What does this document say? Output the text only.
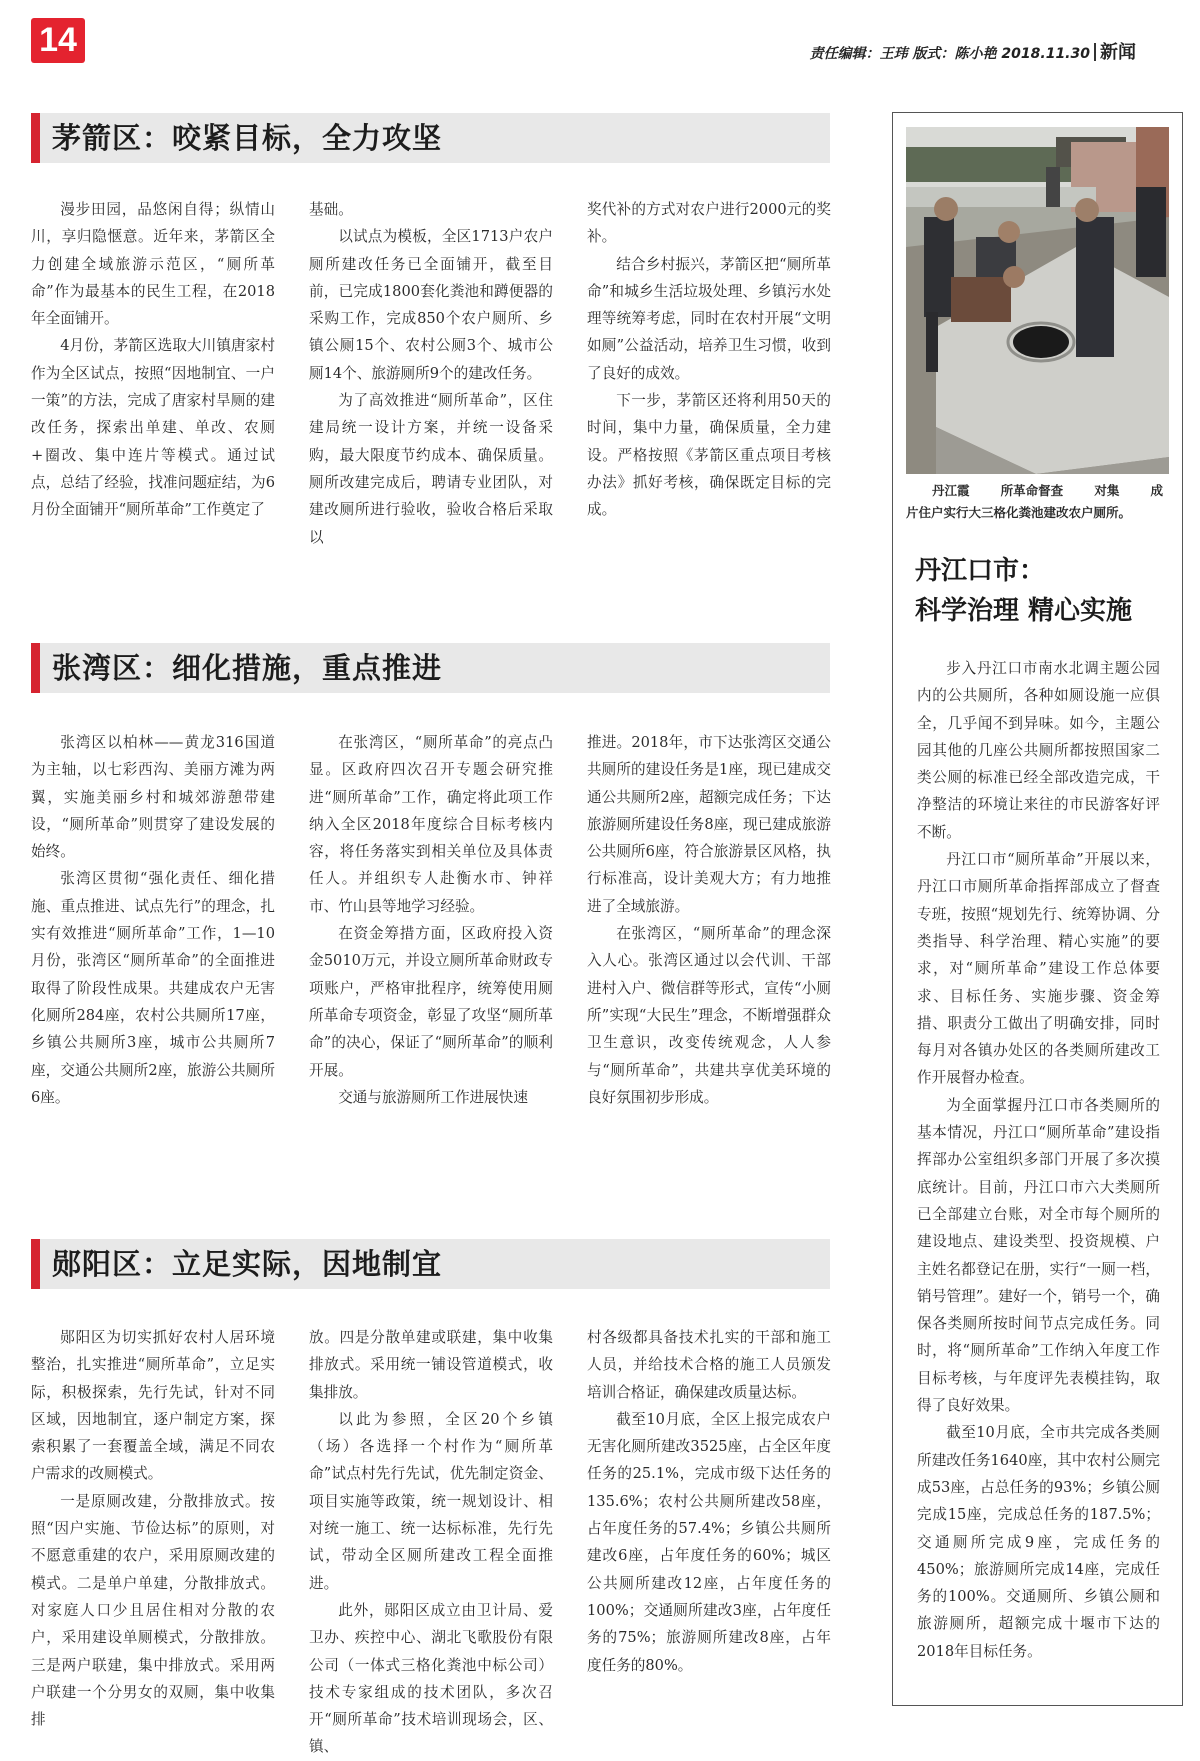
14	责任编辑：王玮 版式：陈小艳 2018.11.30 新闻
茅箭区：咬紧目标，全力攻坚

漫步田园，品悠闲自得；纵情山川，享归隐惬意。近年来，茅箭区全力创建全域旅游示范区，“厕所革命”作为最基本的民生工程，在2018年全面铺开。

4月份，茅箭区选取大川镇唐家村作为全区试点，按照“因地制宜、一户一策”的方法，完成了唐家村旱厕的建改任务，探索出单建、单改、农厕+圈改、集中连片等模式。通过试点，总结了经验，找准问题症结，为6月份全面铺开“厕所革命”工作奠定了

基础。

以试点为模板，全区1713户农户厕所建改任务已全面铺开，截至目前，已完成1800套化粪池和蹲便器的采购工作，完成850个农户厕所、乡镇公厕15个、农村公厕3个、城市公厕14个、旅游厕所9个的建改任务。

为了高效推进“厕所革命”，区住建局统一设计方案，并统一设备采购，最大限度节约成本、确保质量。厕所改建完成后，聘请专业团队，对建改厕所进行验收，验收合格后采取以

奖代补的方式对农户进行2000元的奖补。

结合乡村振兴，茅箭区把“厕所革命”和城乡生活垃圾处理、乡镇污水处理等统筹考虑，同时在农村开展“文明如厕”公益活动，培养卫生习惯，收到了良好的成效。

下一步，茅箭区还将利用50天的时间，集中力量，确保质量，全力建设。严格按照《茅箭区重点项目考核办法》抓好考核，确保既定目标的完成。

张湾区：细化措施，重点推进

张湾区以柏林——黄龙316国道为主轴，以七彩西沟、美丽方滩为两翼，实施美丽乡村和城郊游憩带建设，“厕所革命”则贯穿了建设发展的始终。

张湾区贯彻“强化责任、细化措施、重点推进、试点先行”的理念，扎实有效推进“厕所革命”工作，1—10月份，张湾区“厕所革命”的全面推进取得了阶段性成果。共建成农户无害化厕所284座，农村公共厕所17座，乡镇公共厕所3座，城市公共厕所7座，交通公共厕所2座，旅游公共厕所6座。

在张湾区，“厕所革命”的亮点凸显。区政府四次召开专题会研究推进“厕所革命”工作，确定将此项工作纳入全区2018年度综合目标考核内容，将任务落实到相关单位及具体责任人。并组织专人赴衡水市、钟祥市、竹山县等地学习经验。

在资金筹措方面，区政府投入资金5010万元，并设立厕所革命财政专项账户，严格审批程序，统筹使用厕所革命专项资金，彰显了攻坚“厕所革命”的决心，保证了“厕所革命”的顺利开展。

交通与旅游厕所工作进展快速

推进。2018年，市下达张湾区交通公共厕所的建设任务是1座，现已建成交通公共厕所2座，超额完成任务；下达旅游厕所建设任务8座，现已建成旅游公共厕所6座，符合旅游景区风格，执行标准高，设计美观大方；有力地推进了全域旅游。

在张湾区，“厕所革命”的理念深入人心。张湾区通过以会代训、干部进村入户、微信群等形式，宣传“小厕所”实现“大民生”理念，不断增强群众卫生意识，改变传统观念，人人参与“厕所革命”，共建共享优美环境的良好氛围初步形成。

郧阳区：立足实际，因地制宜

郧阳区为切实抓好农村人居环境整治，扎实推进“厕所革命”，立足实际，积极探索，先行先试，针对不同区域，因地制宜，逐户制定方案，探索积累了一套覆盖全域，满足不同农户需求的改厕模式。

一是原厕改建，分散排放式。按照“因户实施、节俭达标”的原则，对不愿意重建的农户，采用原厕改建的模式。二是单户单建，分散排放式。对家庭人口少且居住相对分散的农户，采用建设单厕模式，分散排放。三是两户联建，集中排放式。采用两户联建一个分男女的双厕，集中收集排

放。四是分散单建或联建，集中收集排放式。采用统一铺设管道模式，收集排放。

以此为参照，全区20个乡镇（场）各选择一个村作为“厕所革命”试点村先行先试，优先制定资金、项目实施等政策，统一规划设计、相对统一施工、统一达标标准，先行先试，带动全区厕所建改工程全面推进。

此外，郧阳区成立由卫计局、爱卫办、疾控中心、湖北飞歌股份有限公司（一体式三格化粪池中标公司）技术专家组成的技术团队，多次召开“厕所革命”技术培训现场会，区、镇、

村各级都具备技术扎实的干部和施工人员，并给技术合格的施工人员颁发培训合格证，确保建改质量达标。

截至10月底，全区上报完成农户无害化厕所建改3525座，占全区年度任务的25.1%，完成市级下达任务的135.6%；农村公共厕所建改58座，占年度任务的57.4%；乡镇公共厕所建改6座，占年度任务的60%；城区公共厕所建改12座，占年度任务的100%；交通厕所建改3座，占年度任务的75%；旅游厕所建改8座，占年度任务的80%。

丹江霞 所革命督查 对集 成
片住户实行大三格化粪池建改农户厕所。
丹江口市：
科学治理 精心实施

步入丹江口市南水北调主题公园内的公共厕所，各种如厕设施一应俱全，几乎闻不到异味。如今，主题公园其他的几座公共厕所都按照国家二类公厕的标准已经全部改造完成，干净整洁的环境让来往的市民游客好评不断。

丹江口市“厕所革命”开展以来，丹江口市厕所革命指挥部成立了督查专班，按照“规划先行、统筹协调、分类指导、科学治理、精心实施”的要求，对“厕所革命”建设工作总体要求、目标任务、实施步骤、资金筹措、职责分工做出了明确安排，同时每月对各镇办处区的各类厕所建改工作开展督办检查。

为全面掌握丹江口市各类厕所的基本情况，丹江口“厕所革命”建设指挥部办公室组织多部门开展了多次摸底统计。目前，丹江口市六大类厕所已全部建立台账，对全市每个厕所的建设地点、建设类型、投资规模、户主姓名都登记在册，实行“一厕一档，销号管理”。建好一个，销号一个，确保各类厕所按时间节点完成任务。同时，将“厕所革命”工作纳入年度工作目标考核，与年度评先表模挂钩，取得了良好效果。

截至10月底，全市共完成各类厕所建改任务1640座，其中农村公厕完成53座，占总任务的93%；乡镇公厕完成15座，完成总任务的187.5%；交通厕所完成9座，完成任务的450%；旅游厕所完成14座，完成任务的100%。交通厕所、乡镇公厕和旅游厕所，超额完成十堰市下达的2018年目标任务。
